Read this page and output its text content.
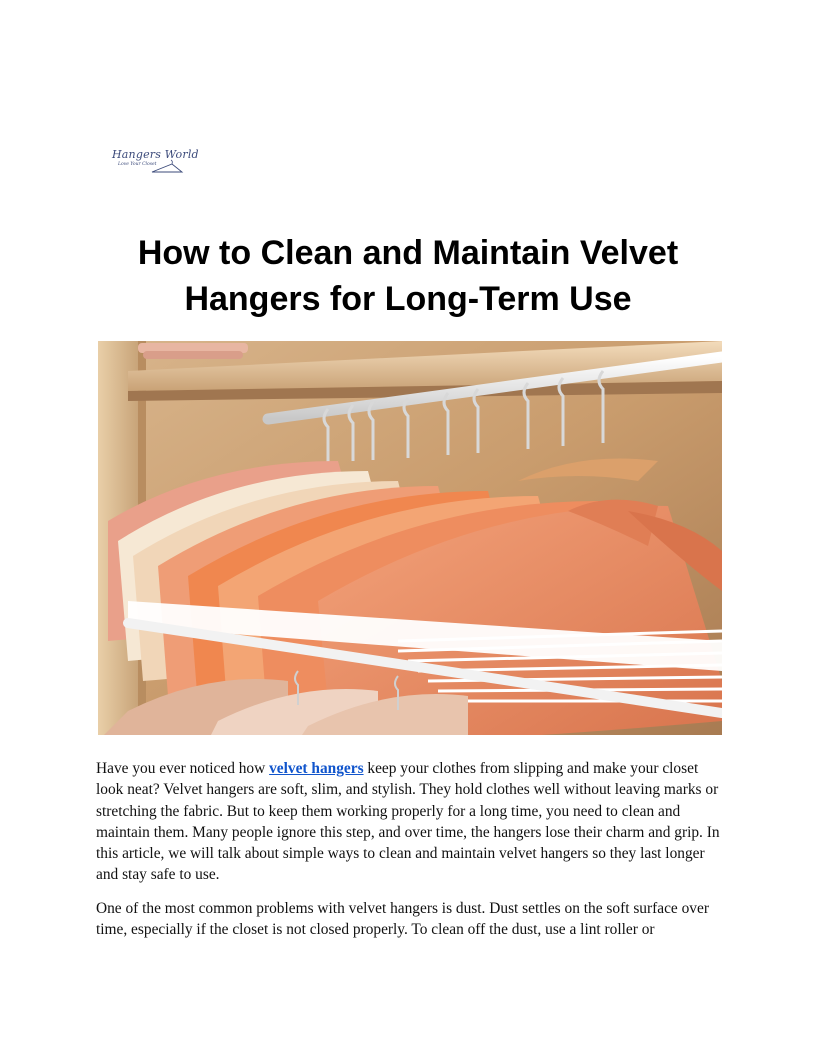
Hangers World
Love Your Closet
How to Clean and Maintain Velvet Hangers for Long-Term Use

Have you ever noticed how velvet hangers keep your clothes from slipping and make your closet look neat? Velvet hangers are soft, slim, and stylish. They hold clothes well without leaving marks or stretching the fabric. But to keep them working properly for a long time, you need to clean and maintain them. Many people ignore this step, and over time, the hangers lose their charm and grip. In this article, we will talk about simple ways to clean and maintain velvet hangers so they last longer and stay safe to use.

One of the most common problems with velvet hangers is dust. Dust settles on the soft surface over time, especially if the closet is not closed properly. To clean off the dust, use a lint roller or
